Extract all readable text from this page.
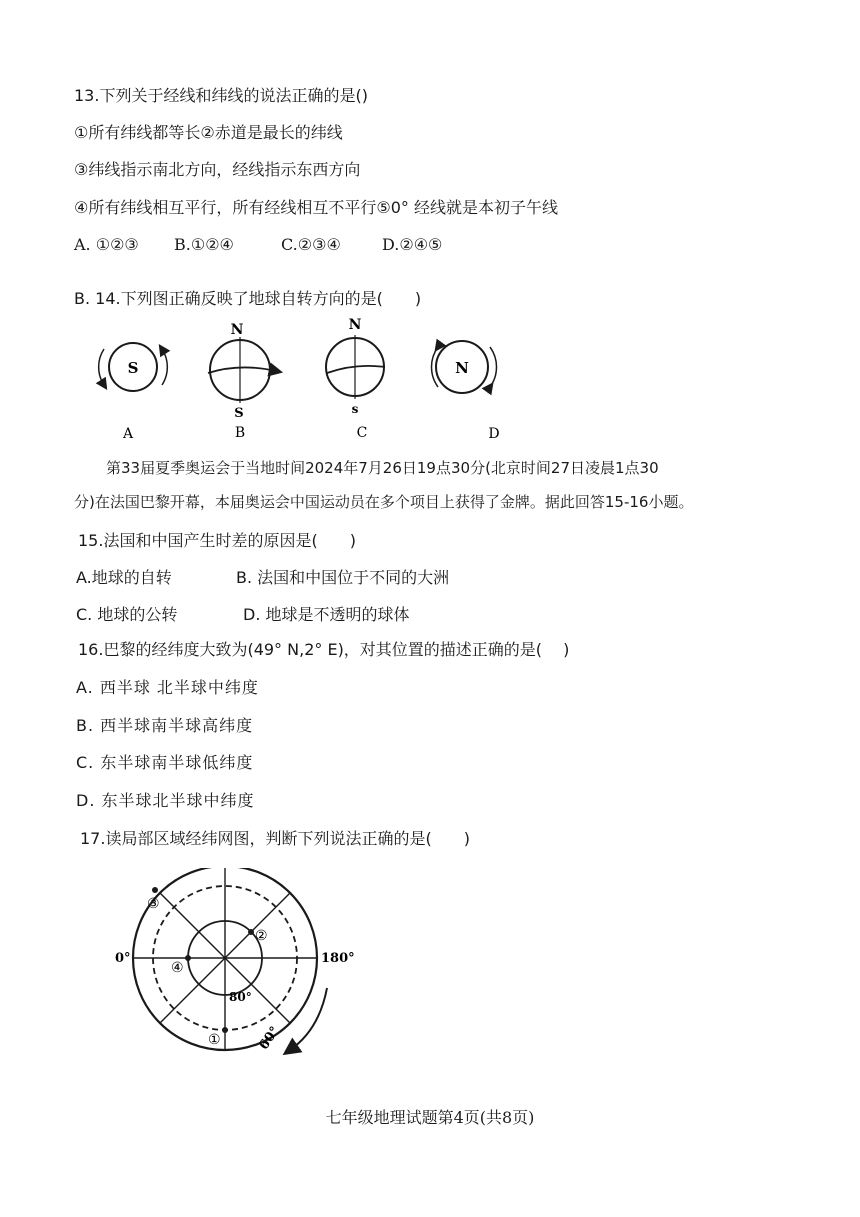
13.下列关于经线和纬线的说法正确的是()
①所有纬线都等长②赤道是最长的纬线
③纬线指示南北方向，经线指示东西方向
④所有纬线相互平行，所有经线相互不平行⑤0° 经线就是本初子午线
A. ①②③ B.①②④	C.②③④	D.②④⑤
B. 14.下列图正确反映了地球自转方向的是(　　)
S
A
N
S
B
N
s
C
N
D
第33届夏季奥运会于当地时间2024年7月26日19点30分(北京时间27日凌晨1点30
分)在法国巴黎开幕，本届奥运会中国运动员在多个项目上获得了金牌。据此回答15-16小题。
15.法国和中国产生时差的原因是(　　)
A.地球的自转	B. 法国和中国位于不同的大洲
C. 地球的公转	D. 地球是不透明的球体
16.巴黎的经纬度大致为(49° N,2° E)，对其位置的描述正确的是(　 )
A. 西半球 北半球中纬度
B. 西半球南半球高纬度
C. 东半球南半球低纬度
D. 东半球北半球中纬度
17.读局部区域经纬网图，判断下列说法正确的是(　　)
0°	180°
80°
60°
③
②
④
①
七年级地理试题第4页(共8页)
